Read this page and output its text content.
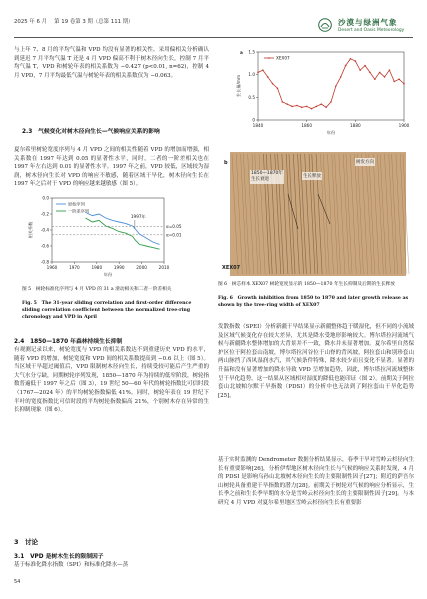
2025 年 6 月 　第 19 卷第 3 期（总第 111 期）	沙漠与绿洲气象
Desert and Oasis Meteorology
与上年 7、8 月的平均气温和 VPD 均没有显著的相关性。采用偏相关分析确认到延迟 7 月平均气温 T 还是 4 月 VPD 偏高不利于树木径向生长，控制 7 月平均气温 T，VPD 和树轮年表的相关系数为 −0.427 (p<0.01, n=62)，控制 4 月 VPD，7 月平均最低气温与树轮年表的相关系数仅为 −0.063。
2.3　气候变化对树木径向生长—气候响应关系的影响
夏尔希里树轮宽度序列与 4 月 VPD 之间的相关性随着 VPD 的增加而增强，相关系数在 1997 年达到 0.05 的显著性水平，同时，二者的一阶差相关也在 1997 年左右达到 0.01 的显著性水平。1997 年之前，VPD 较低，区域较为湿润，树木径向生长对 VPD 的响应不敏感，随着区域干旱化，树木径向生长在 1997 年之后对于 VPD 的响应越来越敏感（图 5）。
1960	1970	1980	1990	2000	2010
0.0
-0.2
-0.4
-0.6
-0.8
相关系数
年份
α=0.05
α=0.01
原始序列
一阶差序列
1997年
图 5　树轮标准化序列与 4 月 VPD 的 31 a 滑动相关和二者一阶差相关
Fig. 5　The 31-year sliding correlation and first-order difference sliding correlation coefficient between the normalized tree-ring chronology and VPD in April
2.4　1850—1870 年森林持续生长抑制
有观测记录以来，树轮宽度与 VPD 的相关系数达不到重建历史 VPD 的水平，随着 VPD 的增加，树轮宽度和 VPD 间的相关系数提高到 −0.6 以上（图 5）。当区域干旱超过阈值后，VPD 限制树木径向生长，持续受较可能后产生严重的大气水分亏缺，同期树轮序列发现，1850—1870 年为持续的低窄阶段，树轮指数普遍低于 1997 年之后（图 3），19 世纪 50—60 年代的树轮指数比可信时段（1767—2024 年）的平均树轮指数偏低 41%。同时，树轮年表在 19 世纪下半叶的宽度指数比可信时段的平均树轮指数偏高 21%，个别树木存在异常的生长抑制现象（图 6）。
3　讨论
3.1　VPD 是树木生长的限制因子
基于标准化降水指数（SPI）和标准化降水—蒸
1840	1860	1880	1900
0
0.5
1.0
1.5
生长量/mm
年份
a
XEX07
b
1850—1870年
生长衰退
生长释放
树皮方向
XEX07
图 6　树芯样本 XEX07 树轮宽度显示的 1850—1870 年生长抑制及后期的生长释放
Fig. 6　Growth inhibition from 1850 to 1870 and later growth release as shown by the tree-ring width of XEX07
发散指数（SPEI）分析新疆干旱结果显示新疆整体趋于暖湿化，但不同的小流域及区域气候变化存在较大差异，尤其是降水受地形影响较大。博尔塔拉河流域气候与新疆降水整体增加的大背景并不一致，降水并未显著增加。夏尔希里自然保护区位于阿拉套山南坡，博尔塔拉河谷位于山脊的背风坡，阿拉套山和别珍套山两山脉挡了西风湿润水汽，其气候条件特殊，降水较少而且变化不显著。显著的升温和没有显著增加的降水导致 VPD 呈增加趋势，因此，博尔塔拉河流域整体呈干旱化趋势，这一结果从区域相对湿度的降低也能印证（图 2）。前期关于阿拉套山北坡帕尔默干旱指数（PDSI）的分析中也无法到了阿拉套山干旱化趋势[25]。
基于实时监测的 Dendrometer 数据分析结果显示，春季干旱对雪岭云杉径向生长有重要影响[26]，分析伊犁地区树木径向生长与气候的响应关系时发现，4 月的 PDSI 是影响乌孙山北坡树木径向生长的主要限制性因子[27]；附近的萨吾尔山树轮具备重建干旱指数的潜力[28]。前期关于树轮对气候的响应分析显示，生长季之前和生长季早期的水分是雪岭云杉径向生长的主要限制性因子[29]。与本研究 4 月 VPD 对夏尔希里地区雪岭云杉径向生长有重要影
54
